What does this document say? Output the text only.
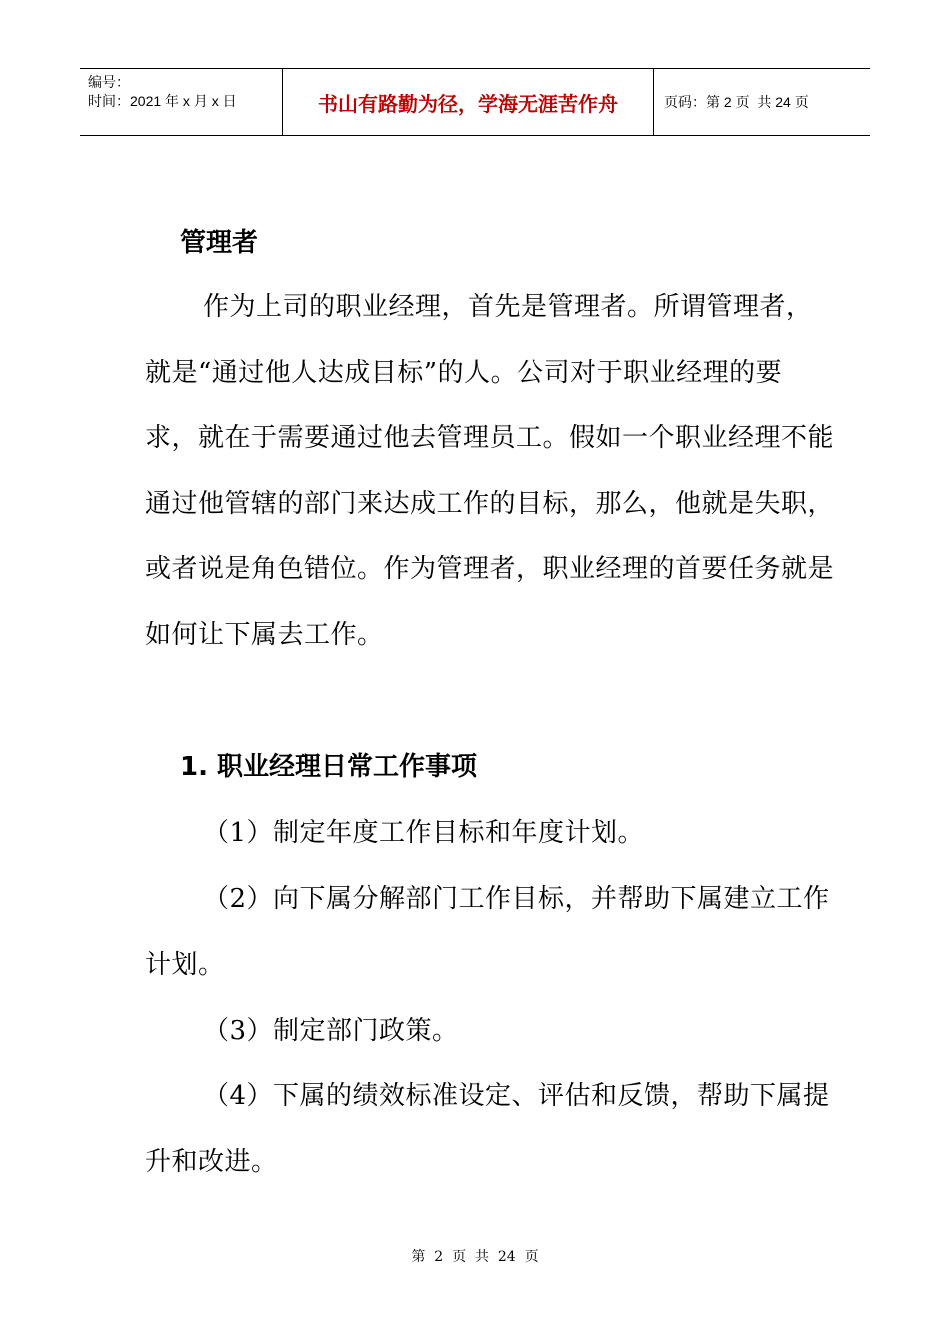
编号：
时间：2021 年 x 月 x 日	书山有路勤为径，学海无涯苦作舟	页码：第 2 页  共 24 页
管理者

作为上司的职业经理，首先是管理者。所谓管理者，就是“通过他人达成目标”的人。公司对于职业经理的要求，就在于需要通过他去管理员工。假如一个职业经理不能通过他管辖的部门来达成工作的目标，那么，他就是失职，或者说是角色错位。作为管理者，职业经理的首要任务就是如何让下属去工作。

1. 职业经理日常工作事项

（1）制定年度工作目标和年度计划。

（2）向下属分解部门工作目标，并帮助下属建立工作计划。

（3）制定部门政策。

（4）下属的绩效标准设定、评估和反馈，帮助下属提升和改进。

第  2  页  共  24  页
